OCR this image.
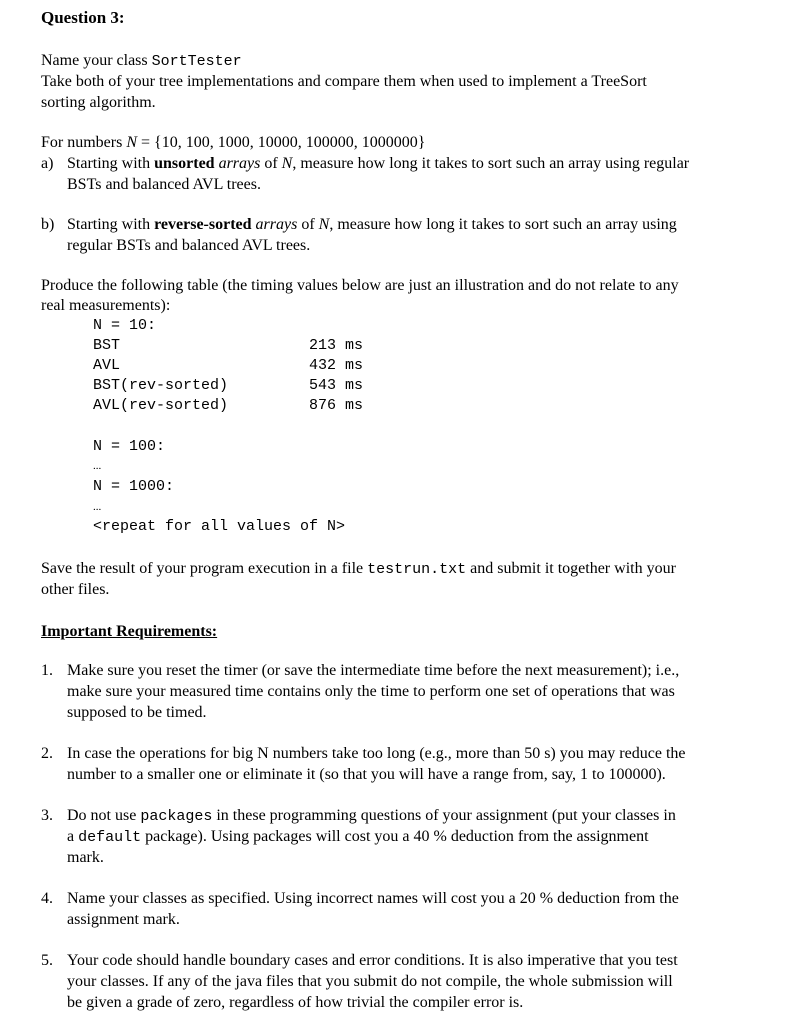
Question 3:
Name your class SortTester
Take both of your tree implementations and compare them when used to implement a TreeSort
sorting algorithm.
For numbers N = {10, 100, 1000, 10000, 100000, 1000000}
a) Starting with unsorted arrays of N, measure how long it takes to sort such an array using regular
BSTs and balanced AVL trees.
b) Starting with reverse-sorted arrays of N, measure how long it takes to sort such an array using
regular BSTs and balanced AVL trees.
Produce the following table (the timing values below are just an illustration and do not relate to any
real measurements):
N = 10:
BST	213 ms
AVL	432 ms
BST(rev-sorted)	543 ms
AVL(rev-sorted)	876 ms
N = 100:
...
N = 1000:
...
<repeat for all values of N>
Save the result of your program execution in a file testrun.txt and submit it together with your
other files.
Important Requirements:
1. Make sure you reset the timer (or save the intermediate time before the next measurement); i.e.,
make sure your measured time contains only the time to perform one set of operations that was
supposed to be timed.
2. In case the operations for big N numbers take too long (e.g., more than 50 s) you may reduce the
number to a smaller one or eliminate it (so that you will have a range from, say, 1 to 100000).
3. Do not use packages in these programming questions of your assignment (put your classes in
a default package). Using packages will cost you a 40 % deduction from the assignment
mark.
4. Name your classes as specified. Using incorrect names will cost you a 20 % deduction from the
assignment mark.
5. Your code should handle boundary cases and error conditions. It is also imperative that you test
your classes. If any of the java files that you submit do not compile, the whole submission will
be given a grade of zero, regardless of how trivial the compiler error is.
